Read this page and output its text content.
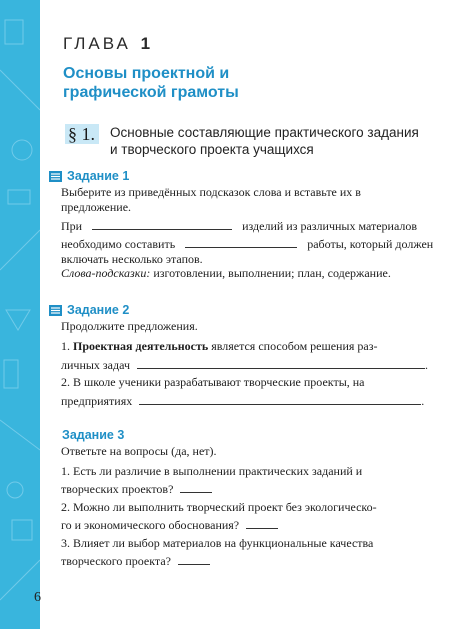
ГЛАВА 1
Основы проектной и графической грамоты
§ 1. Основные составляющие практического задания и творческого проекта учащихся
Задание 1
Выберите из приведённых подсказок слова и вставьте их в
предложение.
При	изделий из различных материалов
необходимо составить	работы, который должен
включать несколько этапов.
Слова-подсказки: изготовлении, выполнении; план, содержание.
Задание 2
Продолжите предложения.
1. Проектная деятельность является способом решения раз-
личных задач	.
2. В школе ученики разрабатывают творческие проекты, на
предприятиях	.
Задание 3
Ответьте на вопросы (да, нет).
1. Есть ли различие в выполнении практических заданий и
творческих проектов?
2. Можно ли выполнить творческий проект без экологическо-
го и экономического обоснования?
3. Влияет ли выбор материалов на функциональные качества
творческого проекта?
6
